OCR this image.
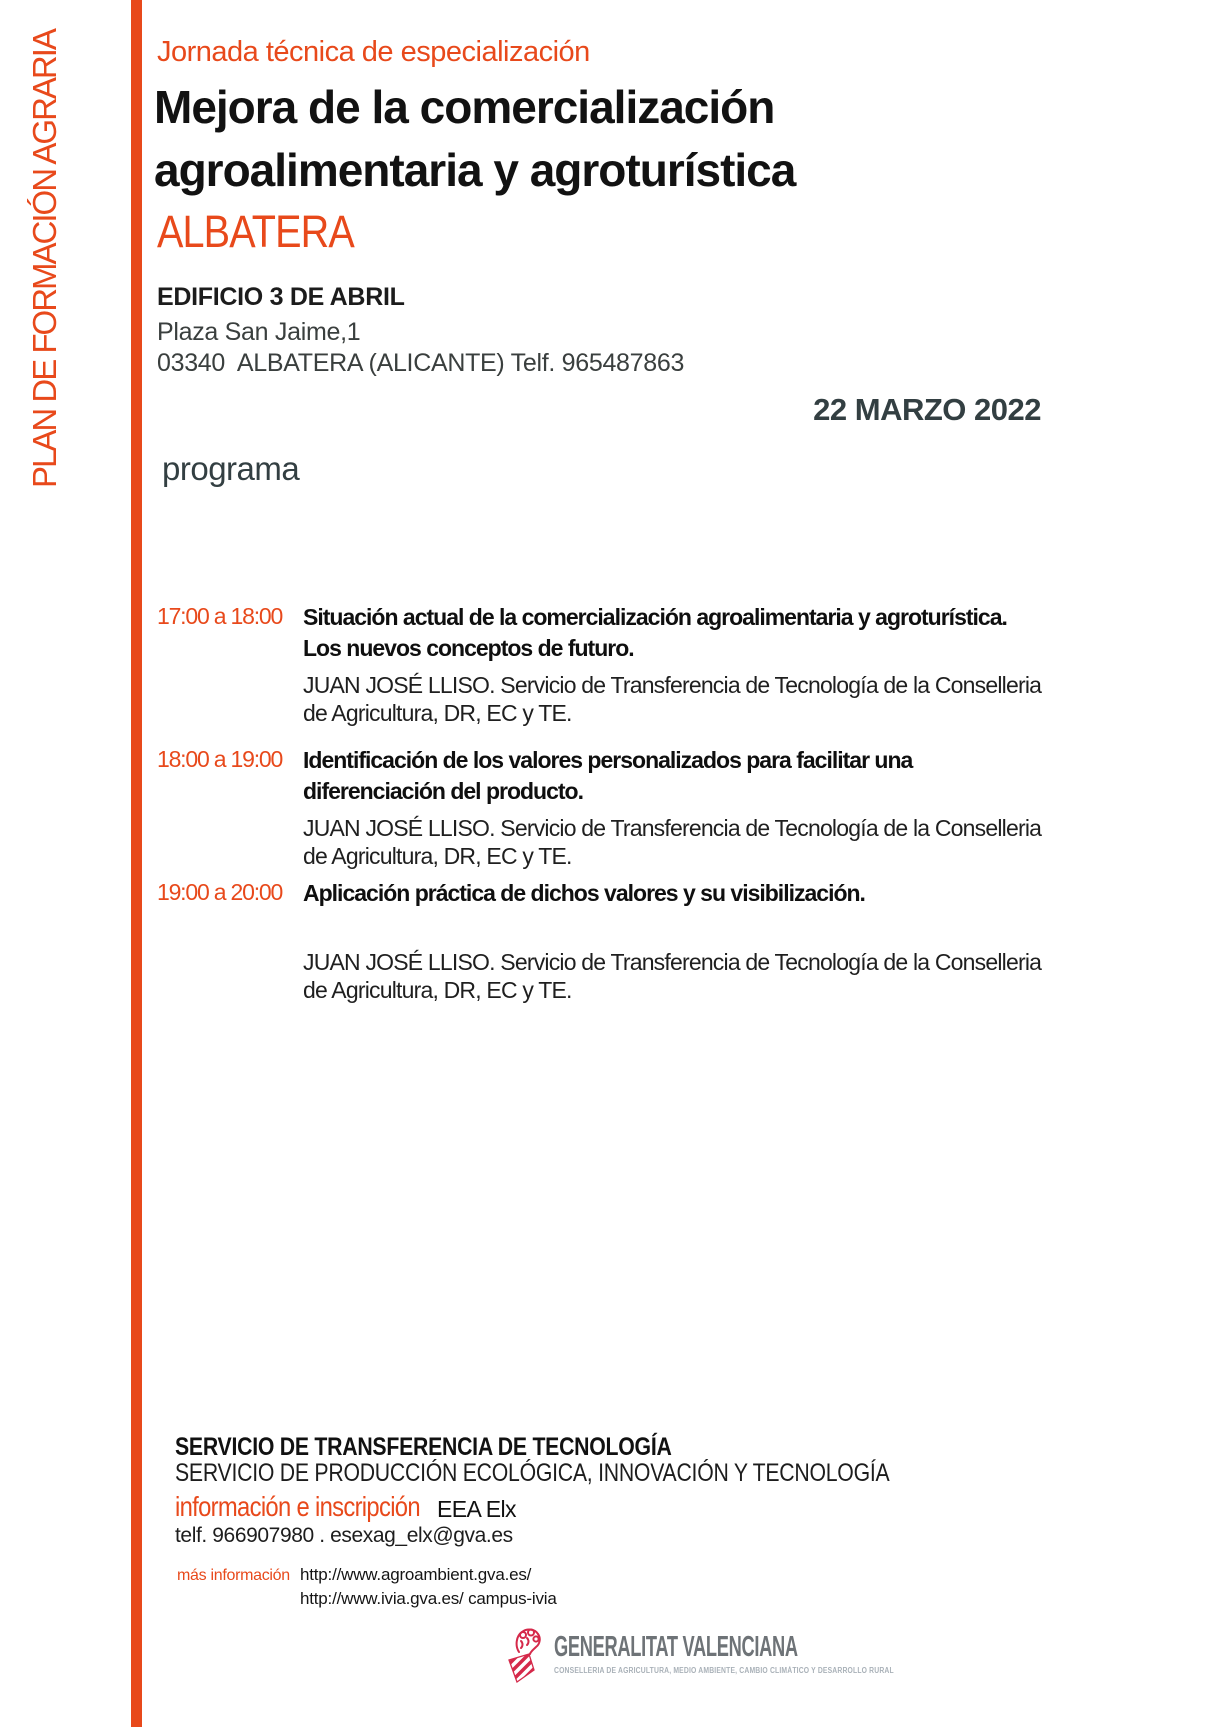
PLAN DE FORMACIÓN AGRARIA	Jornada técnica de especialización
Mejora de la comercialización
agroalimentaria y agroturística
ALBATERA
EDIFICIO 3 DE ABRIL
Plaza San Jaime,1
03340  ALBATERA (ALICANTE) Telf. 965487863
22 MARZO 2022
programa
17:00 a 18:00 Situación actual de la comercialización agroalimentaria y agroturística. Los nuevos conceptos de futuro.
JUAN JOSÉ LLISO. Servicio de Transferencia de Tecnología de la Conselleria de Agricultura, DR, EC y TE.
18:00 a 19:00 Identificación de los valores personalizados para facilitar una diferenciación del producto.
JUAN JOSÉ LLISO. Servicio de Transferencia de Tecnología de la Conselleria de Agricultura, DR, EC y TE.
19:00 a 20:00 Aplicación práctica de dichos valores y su visibilización.
JUAN JOSÉ LLISO. Servicio de Transferencia de Tecnología de la Conselleria de Agricultura, DR, EC y TE.
SERVICIO DE TRANSFERENCIA DE TECNOLOGÍA
SERVICIO DE PRODUCCIÓN ECOLÓGICA, INNOVACIÓN Y TECNOLOGÍA
información e inscripción EEA Elx
telf. 966907980 . esexag_elx@gva.es
más información http://www.agroambient.gva.es/
http://www.ivia.gva.es/ campus-ivia
GENERALITAT VALENCIANA
CONSELLERIA DE AGRICULTURA, MEDIO AMBIENTE, CAMBIO CLIMÁTICO Y DESARROLLO RURAL
